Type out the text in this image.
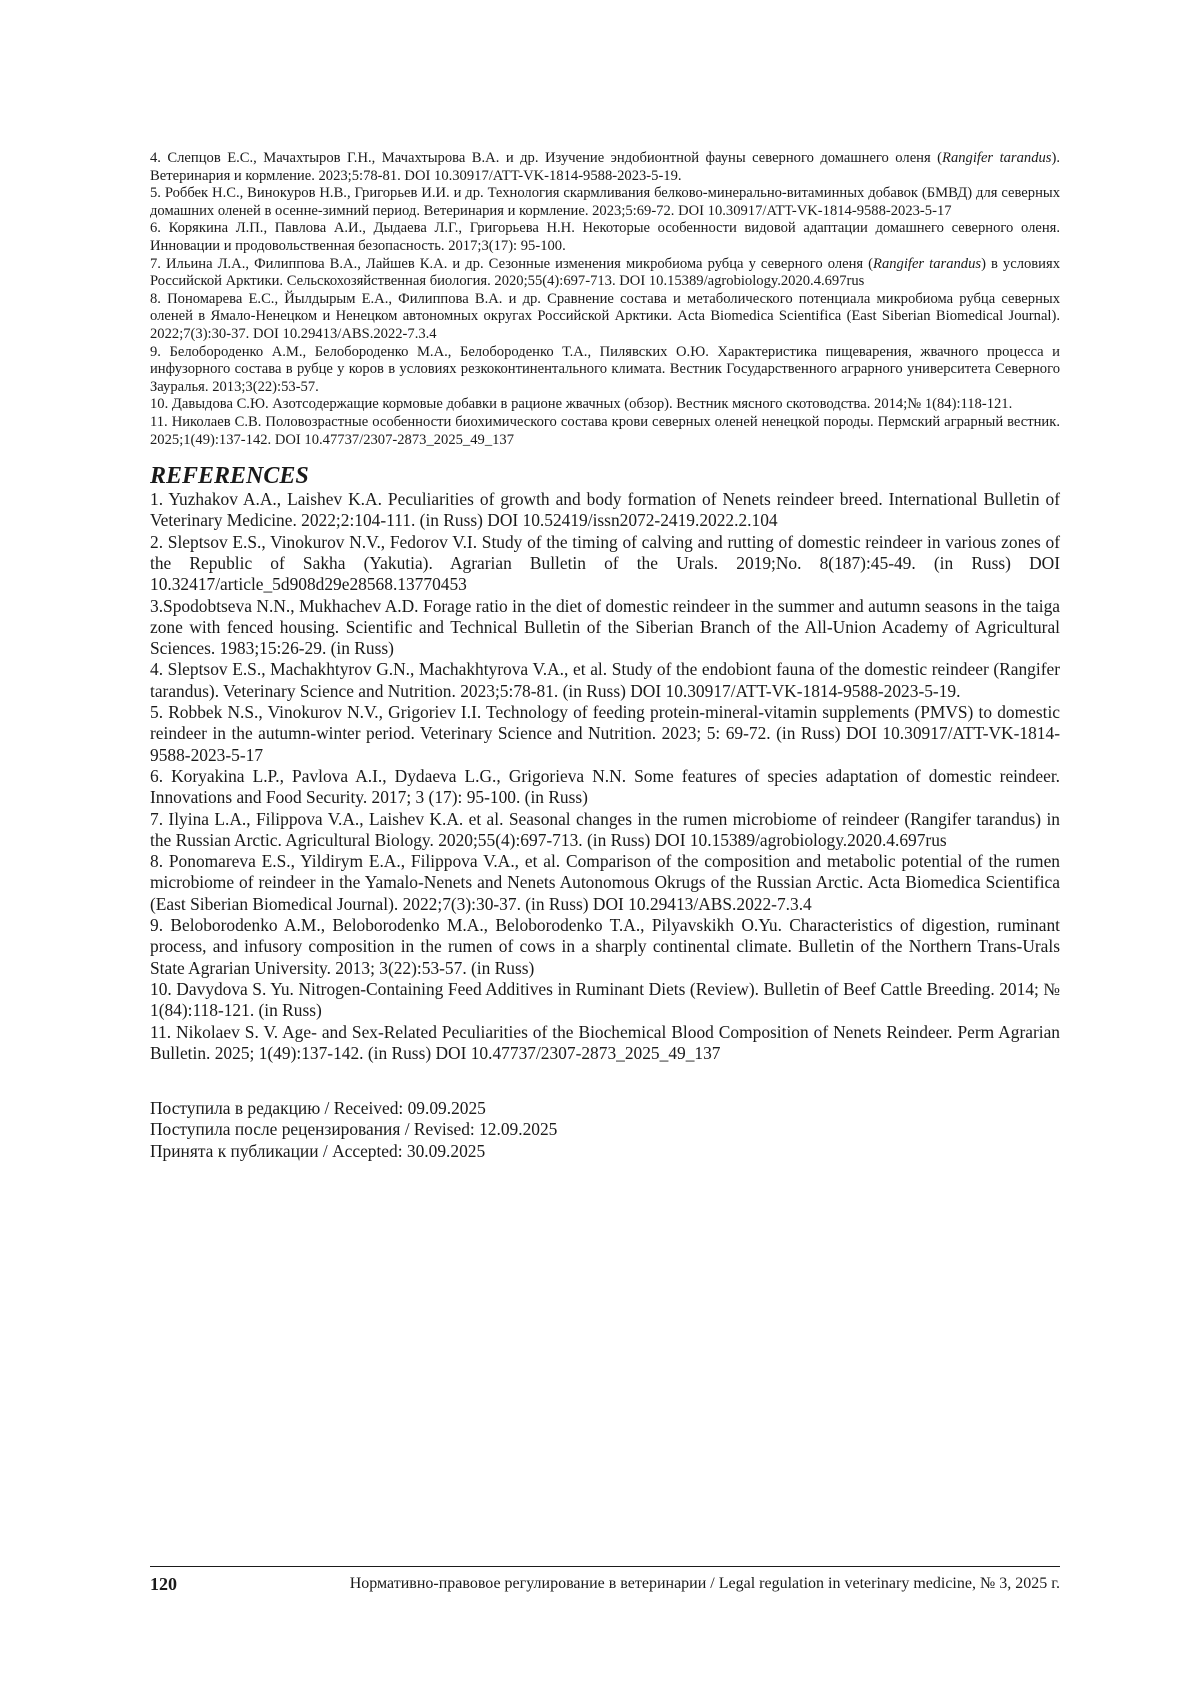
4. Слепцов Е.С., Мачахтыров Г.Н., Мачахтырова В.А. и др. Изучение эндобионтной фауны северного домашнего оленя (Rangifer tarandus). Ветеринария и кормление. 2023;5:78-81. DOI 10.30917/ATT-VK-1814-9588-2023-5-19.

5. Роббек Н.С., Винокуров Н.В., Григорьев И.И. и др. Технология скармливания белково-минерально-витаминных добавок (БМВД) для северных домашних оленей в осенне-зимний период. Ветеринария и кормление. 2023;5:69-72. DOI 10.30917/ATT-VK-1814-9588-2023-5-17

6. Корякина Л.П., Павлова А.И., Дыдаева Л.Г., Григорьева Н.Н. Некоторые особенности видовой адаптации домашнего северного оленя. Инновации и продовольственная безопасность. 2017;3(17): 95-100.

7. Ильина Л.А., Филиппова В.А., Лайшев К.А. и др. Сезонные изменения микробиома рубца у северного оленя (Rangifer tarandus) в условиях Российской Арктики. Сельскохозяйственная биология. 2020;55(4):697-713. DOI 10.15389/agrobiology.2020.4.697rus

8. Пономарева Е.С., Йылдырым Е.А., Филиппова В.А. и др. Сравнение состава и метаболического потенциала микробиома рубца северных оленей в Ямало-Ненецком и Ненецком автономных округах Российской Арктики. Acta Biomedica Scientifica (East Siberian Biomedical Journal). 2022;7(3):30-37. DOI 10.29413/ABS.2022-7.3.4

9. Белобороденко А.М., Белобороденко М.А., Белобороденко Т.А., Пилявских О.Ю. Характеристика пищеварения, жвачного процесса и инфузорного состава в рубце у коров в условиях резкоконтинентального климата. Вестник Государственного аграрного университета Северного Зауралья. 2013;3(22):53-57.

10. Давыдова С.Ю. Азотсодержащие кормовые добавки в рационе жвачных (обзор). Вестник мясного скотоводства. 2014;№ 1(84):118-121.

11. Николаев С.В. Половозрастные особенности биохимического состава крови северных оленей ненецкой породы. Пермский аграрный вестник. 2025;1(49):137-142. DOI 10.47737/2307-2873_2025_49_137

REFERENCES

1. Yuzhakov A.A., Laishev K.A. Peculiarities of growth and body formation of Nenets reindeer breed. International Bulletin of Veterinary Medicine. 2022;2:104-111. (in Russ) DOI 10.52419/issn2072-2419.2022.2.104

2. Sleptsov E.S., Vinokurov N.V., Fedorov V.I. Study of the timing of calving and rutting of domestic reindeer in various zones of the Republic of Sakha (Yakutia). Agrarian Bulletin of the Urals. 2019;No. 8(187):45-49. (in Russ) DOI 10.32417/article_5d908d29e28568.13770453

3.Spodobtseva N.N., Mukhachev A.D. Forage ratio in the diet of domestic reindeer in the summer and autumn seasons in the taiga zone with fenced housing. Scientific and Technical Bulletin of the Siberian Branch of the All-Union Academy of Agricultural Sciences. 1983;15:26-29. (in Russ)

4. Sleptsov E.S., Machakhtyrov G.N., Machakhtyrova V.A., et al. Study of the endobiont fauna of the domestic reindeer (Rangifer tarandus). Veterinary Science and Nutrition. 2023;5:78-81. (in Russ) DOI 10.30917/ATT-VK-1814-9588-2023-5-19.

5. Robbek N.S., Vinokurov N.V., Grigoriev I.I. Technology of feeding protein-mineral-vitamin supplements (PMVS) to domestic reindeer in the autumn-winter period. Veterinary Science and Nutrition. 2023; 5: 69-72. (in Russ) DOI 10.30917/ATT-VK-1814-9588-2023-5-17

6. Koryakina L.P., Pavlova A.I., Dydaeva L.G., Grigorieva N.N. Some features of species adaptation of domestic reindeer. Innovations and Food Security. 2017; 3 (17): 95-100. (in Russ)

7. Ilyina L.A., Filippova V.A., Laishev K.A. et al. Seasonal changes in the rumen microbiome of reindeer (Rangifer tarandus) in the Russian Arctic. Agricultural Biology. 2020;55(4):697-713. (in Russ) DOI 10.15389/agrobiology.2020.4.697rus

8. Ponomareva E.S., Yildirym E.A., Filippova V.A., et al. Comparison of the composition and metabolic potential of the rumen microbiome of reindeer in the Yamalo-Nenets and Nenets Autonomous Okrugs of the Russian Arctic. Acta Biomedica Scientifica (East Siberian Biomedical Journal). 2022;7(3):30-37. (in Russ) DOI 10.29413/ABS.2022-7.3.4

9. Beloborodenko A.M., Beloborodenko M.A., Beloborodenko T.A., Pilyavskikh O.Yu. Characteristics of digestion, ruminant process, and infusory composition in the rumen of cows in a sharply continental climate. Bulletin of the Northern Trans-Urals State Agrarian University. 2013; 3(22):53-57. (in Russ)

10. Davydova S. Yu. Nitrogen-Containing Feed Additives in Ruminant Diets (Review). Bulletin of Beef Cattle Breeding. 2014; № 1(84):118-121. (in Russ)

11. Nikolaev S. V. Age- and Sex-Related Peculiarities of the Biochemical Blood Composition of Nenets Reindeer. Perm Agrarian Bulletin. 2025; 1(49):137-142. (in Russ) DOI 10.47737/2307-2873_2025_49_137

Поступила в редакцию / Received: 09.09.2025

Поступила после рецензирования / Revised: 12.09.2025

Принята к публикации / Accepted: 30.09.2025

120	Нормативно-правовое регулирование в ветеринарии / Legal regulation in veterinary medicine, № 3, 2025 г.
